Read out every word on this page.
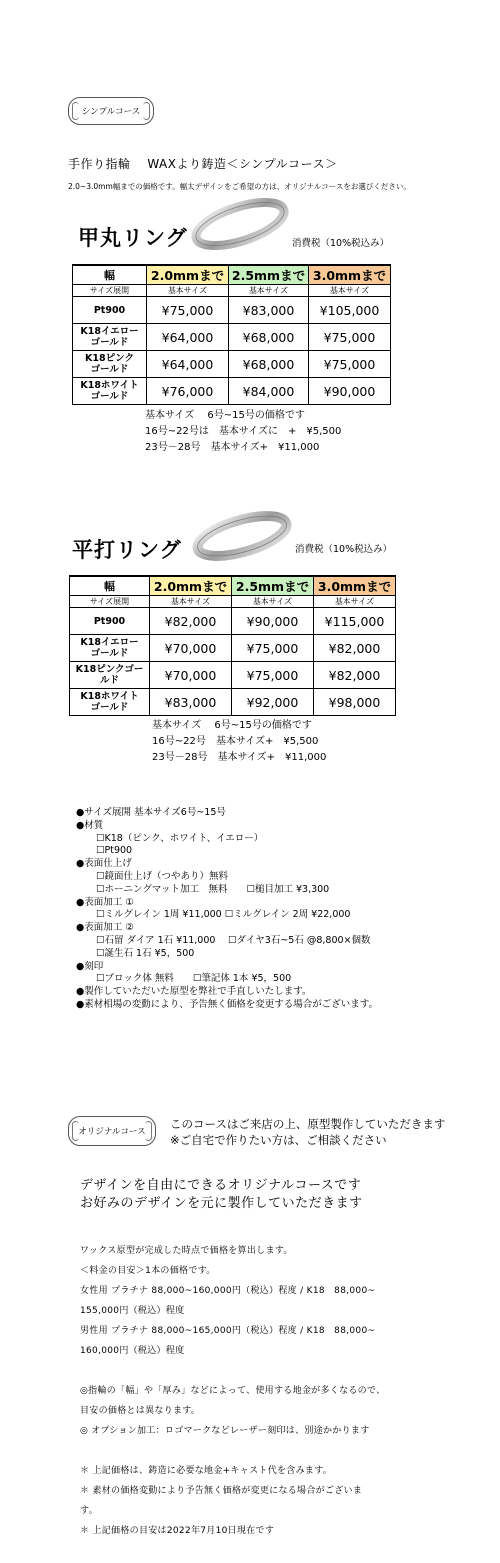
シンプルコース
手作り指輪　 WAXより鋳造＜シンプルコース＞
2.0~3.0mm幅までの価格です。幅太デザインをご希望の方は、オリジナルコースをお選びください。
甲丸リング	消費税（10%税込み）
幅	2.0mmまで	2.5mmまで	3.0mmまで
サイズ展開	基本サイズ	基本サイズ	基本サイズ
Pt900	¥75,000	¥83,000	¥105,000
K18イエロー
ゴールド	¥64,000	¥68,000	¥75,000
K18ピンク
ゴールド	¥64,000	¥68,000	¥75,000
K18ホワイト
ゴールド	¥76,000	¥84,000	¥90,000
基本サイズ　 6号~15号の価格です
16号~22号は　基本サイズに　+　¥5,500
23号－28号　基本サイズ+　¥11,000
平打リング	消費税（10%税込み）
幅	2.0mmまで	2.5mmまで	3.0mmまで
サイズ展開	基本サイズ	基本サイズ	基本サイズ
Pt900	¥82,000	¥90,000	¥115,000
K18イエロー
ゴールド	¥70,000	¥75,000	¥82,000
K18ピンクゴー
ルド	¥70,000	¥75,000	¥82,000
K18ホワイト
ゴールド	¥83,000	¥92,000	¥98,000
基本サイズ　 6号~15号の価格です
16号~22号　基本サイズ+　¥5,500
23号－28号　基本サイズ+　¥11,000
●サイズ展開 基本サイズ6号~15号
●材質
☐K18（ピンク、ホワイト、イエロー）
☐Pt900
●表面仕上げ
☐鏡面仕上げ（つやあり）無料
☐ホーニングマット加工　無料　　☐槌目加工 ¥3,300
●表面加工 ①
☐ミルグレイン 1周 ¥11,000 ☐ミルグレイン 2周 ¥22,000
●表面加工 ②
☐石留 ダイア 1石 ¥11,000　 ☐ダイヤ3石~5石 @8,800×個数
☐誕生石 1石 ¥5，500
●刻印
☐ブロック体 無料　　☐筆記体 1本 ¥5，500
●製作していただいた原型を弊社で手直しいたします。
●素材相場の変動により、予告無く価格を変更する場合がございます。
オリジナルコース
このコースはご来店の上、原型製作していただきます
※ご自宅で作りたい方は、ご相談ください
デザインを自由にできるオリジナルコースです
お好みのデザインを元に製作していただきます
ワックス原型が完成した時点で価格を算出します。
＜料金の目安＞1本の価格です。
女性用 プラチナ 88,000~160,000円（税込）程度 / K18　88,000~
155,000円（税込）程度
男性用 プラチナ 88,000~165,000円（税込）程度 / K18　88,000~
160,000円（税込）程度
◎指輪の「幅」や「厚み」などによって、使用する地金が多くなるので、
目安の価格とは異なります。
◎ オプション加工：ロゴマークなどレーザー刻印は、別途かかります
＊ 上記価格は、鋳造に必要な地金+キャスト代を含みます。
＊ 素材の価格変動により予告無く価格が変更になる場合がございま
す。
＊ 上記価格の目安は2022年7月10日現在です
